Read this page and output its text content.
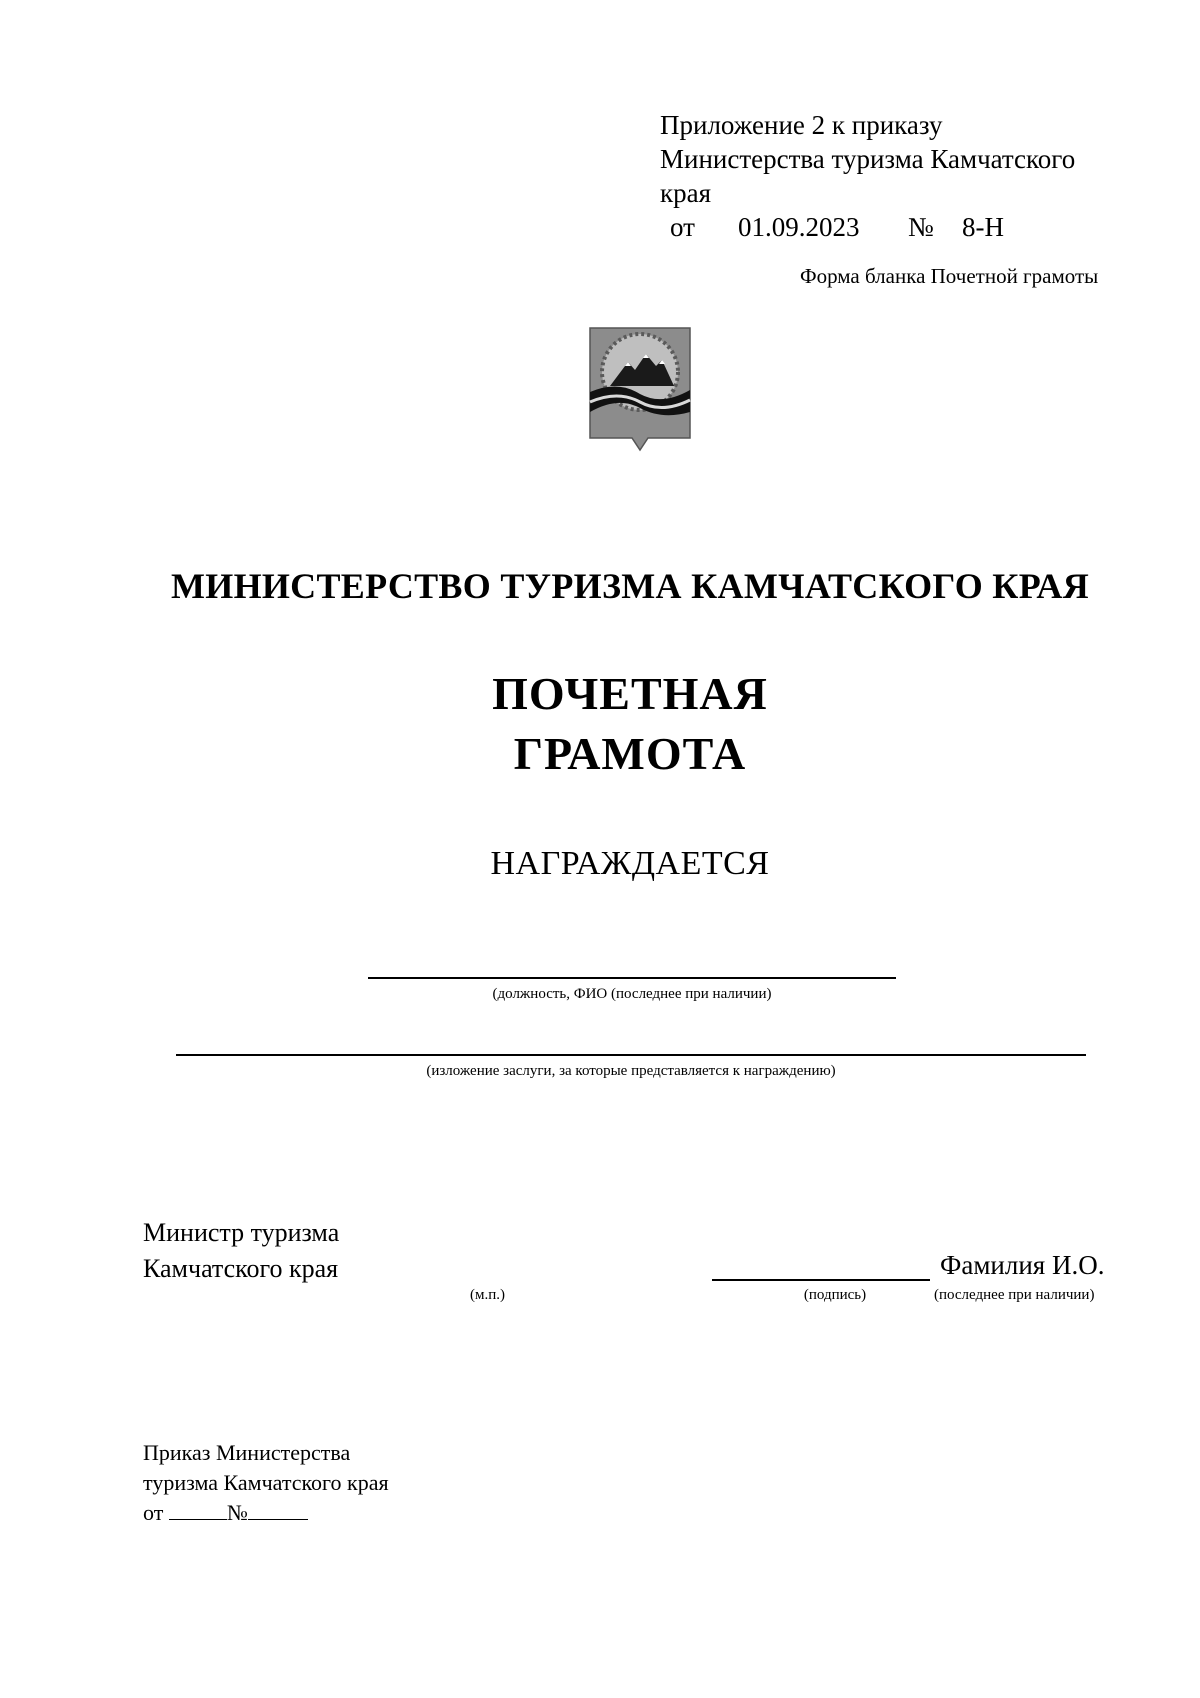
Приложение 2 к приказу
Министерства туризма Камчатского
края
от 01.09.2023 № 8-Н
Форма бланка Почетной грамоты
МИНИСТЕРСТВО ТУРИЗМА КАМЧАТСКОГО КРАЯ
ПОЧЕТНАЯ
ГРАМОТА
НАГРАЖДАЕТСЯ
(должность, ФИО (последнее при наличии)
(изложение заслуги, за которые представляется к награждению)
Министр туризма
Камчатского края
(м.п.)	(подпись)
Фамилия И.О.
(последнее при наличии)
Приказ Министерства
туризма Камчатского края
от	№
